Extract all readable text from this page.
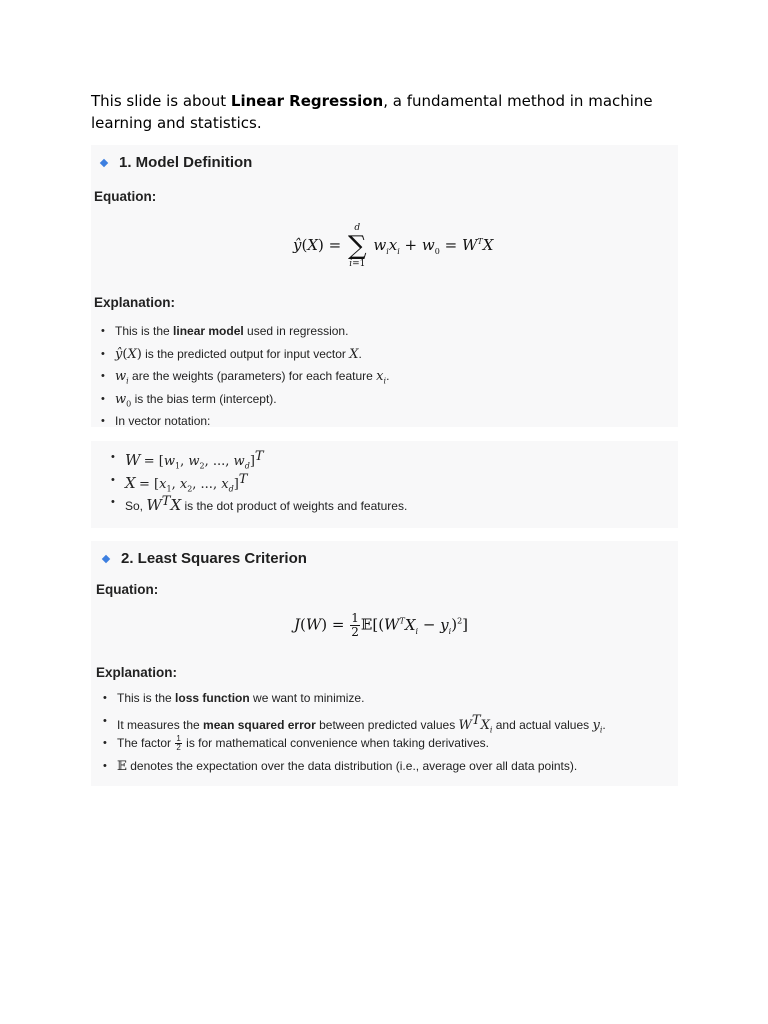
This slide is about Linear Regression, a fundamental method in machine learning and statistics.
1. Model Definition
Equation:
ŷ(X) =
d
∑
i=1
$w_ix_i + w_0 = W^TX$
Explanation:
• This is the linear model used in regression.
• ŷ(X) is the predicted output for input vector X.
• $w_i$ are the weights (parameters) for each feature $x_i$.
• $w_0$ is the bias term (intercept).
• In vector notation:
• $W = [w_1$, $w_2$, ..., $w_d]^T$
• $X = [x_1$, $x_2$, ..., $x_d]^T$
• So, $W^TX$ is the dot product of weights and features.
2. Least Squares Criterion
Equation:
$J(W) = \frac{1}{2}$ $𝔼[(W^TX_i - y_i)^2]$
Explanation:
• This is the loss function we want to minimize.
• It measures the mean squared error between predicted values $W^TX_i$ and actual values $y_i$.
• The factor $\frac{1}{2}$ is for mathematical convenience when taking derivatives.
• 𝔼 denotes the expectation over the data distribution (i.e., average over all data points).
